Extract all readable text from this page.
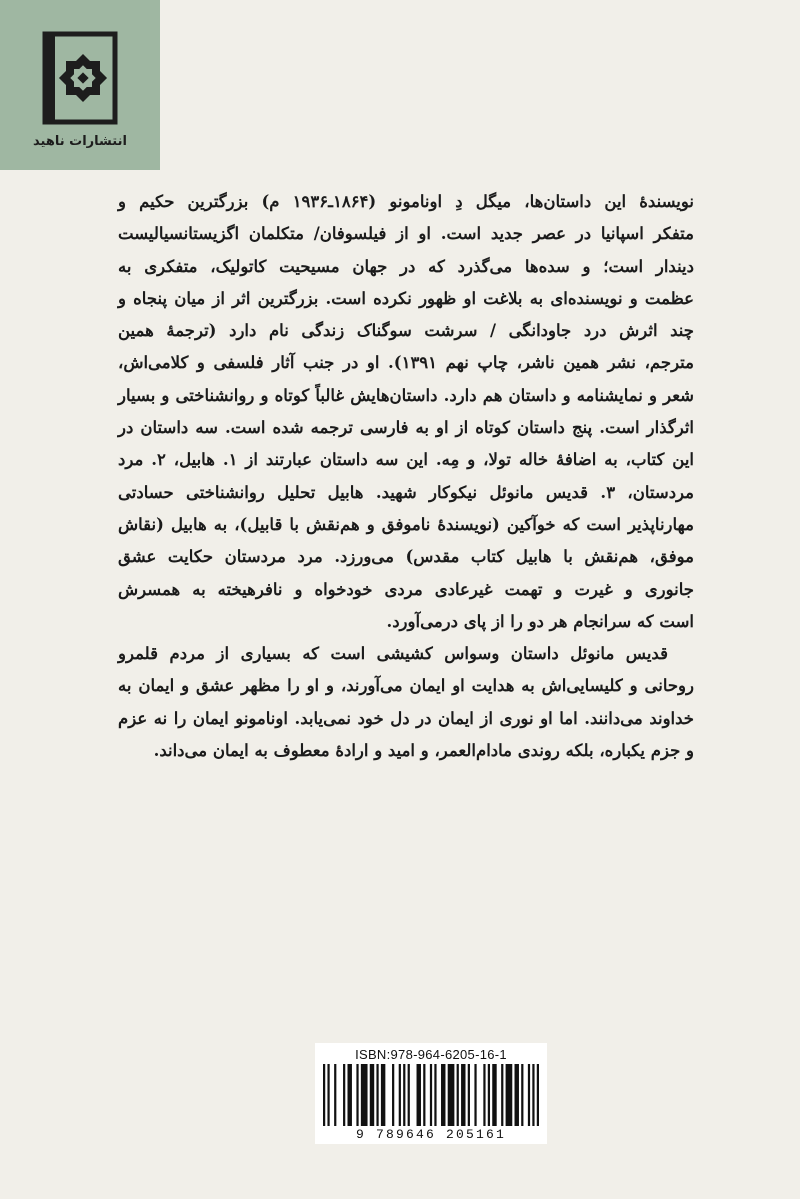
انتشارات ناهید

نویسندهٔ این داستان‌ها، میگل دِ اونامونو (۱۸۶۴ـ۱۹۳۶ م) بزرگترین حکیم و
متفکر اسپانیا در عصر جدید است. او از فیلسوفان/ متکلمان اگزیستانسیالیست
دیندار است؛ و سده‌ها می‌گذرد که در جهان مسیحیت کاتولیک، متفکری به
عظمت و نویسنده‌ای به بلاغت او ظهور نکرده است. بزرگترین اثر از میان پنجاه و
چند اثرش درد جاودانگی / سرشت سوگناک زندگی نام دارد (ترجمهٔ همین
مترجم، نشر همین ناشر، چاپ نهم ۱۳۹۱). او در جنب آثار فلسفی و کلامی‌اش،
شعر و نمایشنامه و داستان هم دارد. داستان‌هایش غالباً کوتاه و روانشناختی و بسیار
اثرگذار است. پنج داستان کوتاه از او به فارسی ترجمه شده است. سه داستان در
این کتاب، به اضافهٔ خاله تولا، و مِه. این سه داستان عبارتند از ۱. هابیل، ۲. مرد
مردستان، ۳. قدیس مانوئل نیکوکار شهید. هابیل تحلیل روانشناختی حسادتی
مهارناپذیر است که خوآکین (نویسندهٔ ناموفق و هم‌نقش با قابیل)، به هابیل (نقاش
موفق، هم‌نقش با هابیل کتاب مقدس) می‌ورزد. مرد مردستان حکایت عشق
جانوری و غیرت و تهمت غیرعادی مردی خودخواه و نافرهیخته به همسرش
است که سرانجام هر دو را از پای درمی‌آورد.

قدیس مانوئل داستان وسواس کشیشی است که بسیاری از مردم قلمرو
روحانی و کلیسایی‌اش به هدایت او ایمان می‌آورند، و او را مظهر عشق و ایمان به
خداوند می‌دانند. اما او نوری از ایمان در دل خود نمی‌یابد. اونامونو ایمان را نه عزم
و جزم یکباره، بلکه روندی مادام‌العمر، و امید و ارادهٔ معطوف به ایمان می‌داند.

ISBN:978-964-6205-16-1
9 789646 205161
